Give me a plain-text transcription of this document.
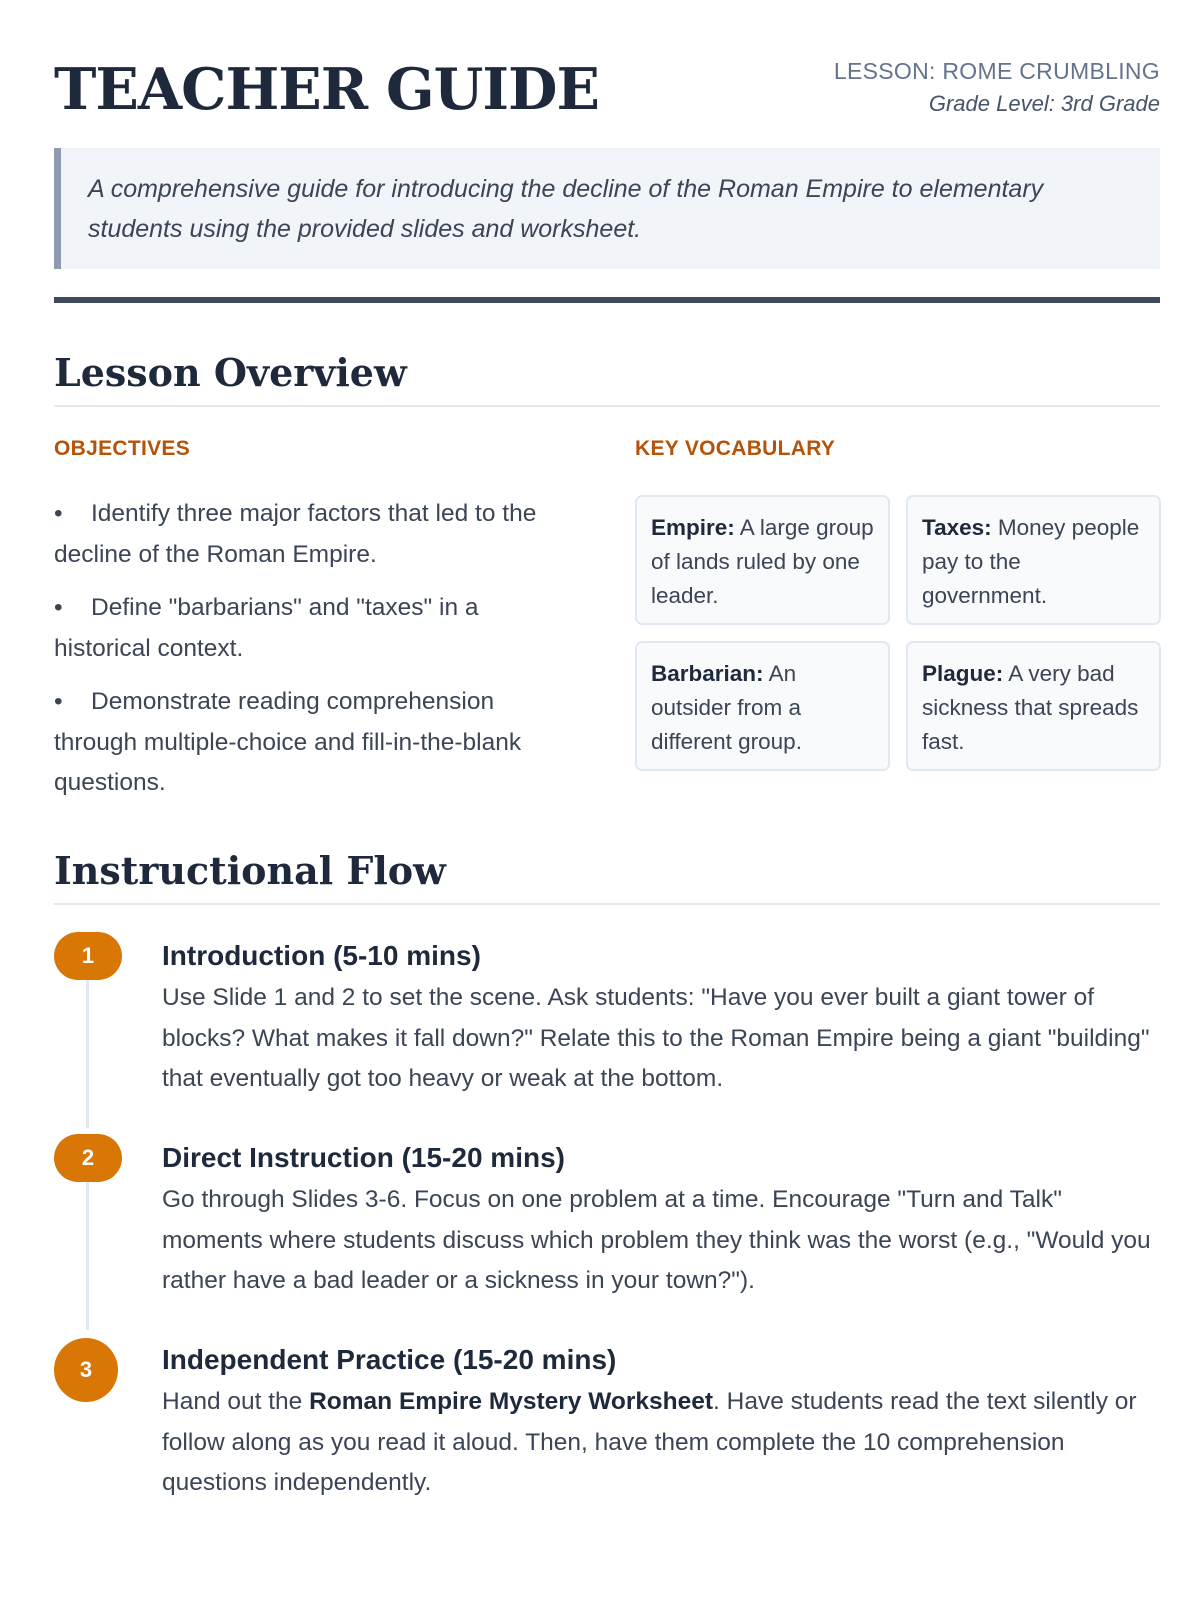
TEACHER GUIDE	LESSON: ROME CRUMBLING
Grade Level: 3rd Grade
A comprehensive guide for introducing the decline of the Roman Empire to elementary students using the provided slides and worksheet.
Lesson Overview
OBJECTIVES
• Identify three major factors that led to the decline of the Roman Empire.
• Define "barbarians" and "taxes" in a historical context.
• Demonstrate reading comprehension through multiple-choice and fill-in-the-blank questions.
KEY VOCABULARY
Empire: A large group of lands ruled by one leader.
Taxes: Money people pay to the government.
Barbarian: An outsider from a different group.
Plague: A very bad sickness that spreads fast.
Instructional Flow
1	Introduction (5-10 mins)
Use Slide 1 and 2 to set the scene. Ask students: "Have you ever built a giant tower of blocks? What makes it fall down?" Relate this to the Roman Empire being a giant "building" that eventually got too heavy or weak at the bottom.
2	Direct Instruction (15-20 mins)
Go through Slides 3-6. Focus on one problem at a time. Encourage "Turn and Talk" moments where students discuss which problem they think was the worst (e.g., "Would you rather have a bad leader or a sickness in your town?").
3	Independent Practice (15-20 mins)
Hand out the Roman Empire Mystery Worksheet. Have students read the text silently or follow along as you read it aloud. Then, have them complete the 10 comprehension questions independently.
